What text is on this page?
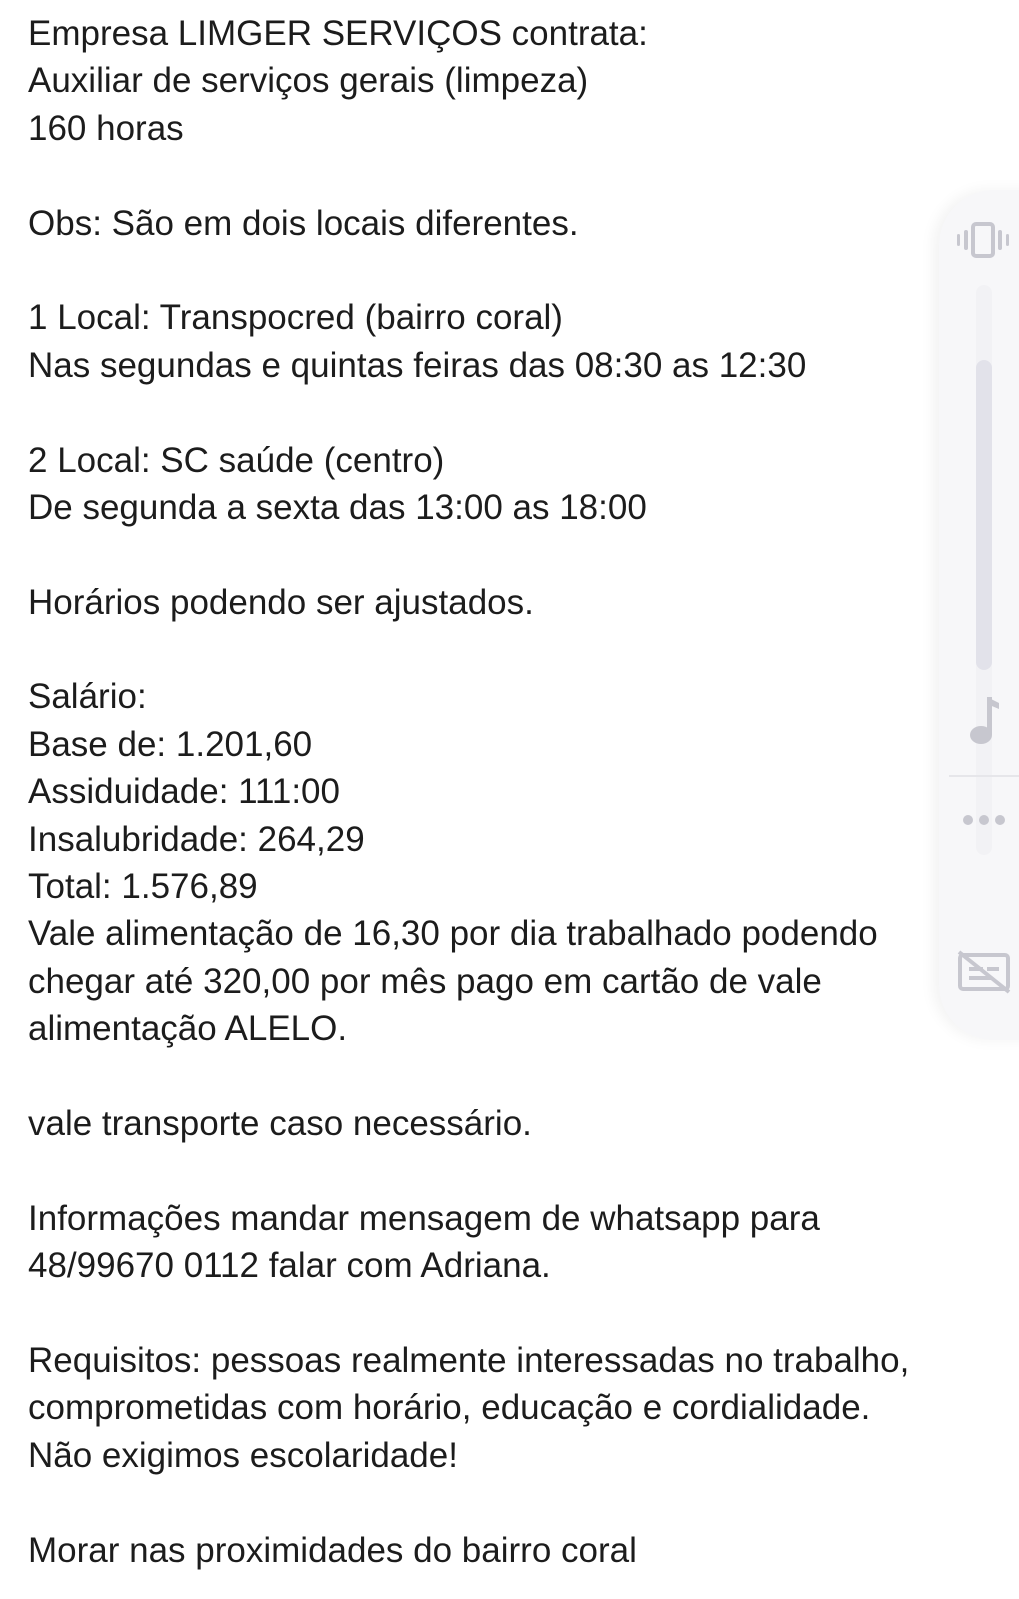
Empresa LIMGER SERVIÇOS contrata:
Auxiliar de serviços gerais (limpeza)
160 horas
Obs: São em dois locais diferentes.
1 Local: Transpocred (bairro coral)
Nas segundas e quintas feiras das 08:30 as 12:30
2 Local: SC saúde (centro)
De segunda a sexta das 13:00 as 18:00
Horários podendo ser ajustados.
Salário:
Base de: 1.201,60
Assiduidade: 111:00
Insalubridade: 264,29
Total: 1.576,89
Vale alimentação de 16,30 por dia trabalhado podendo
chegar até 320,00 por mês pago em cartão de vale
alimentação ALELO.
vale transporte caso necessário.
Informações mandar mensagem de whatsapp para
48/99670 0112 falar com Adriana.
Requisitos: pessoas realmente interessadas no trabalho,
comprometidas com horário, educação e cordialidade.
Não exigimos escolaridade!
Morar nas proximidades do bairro coral
